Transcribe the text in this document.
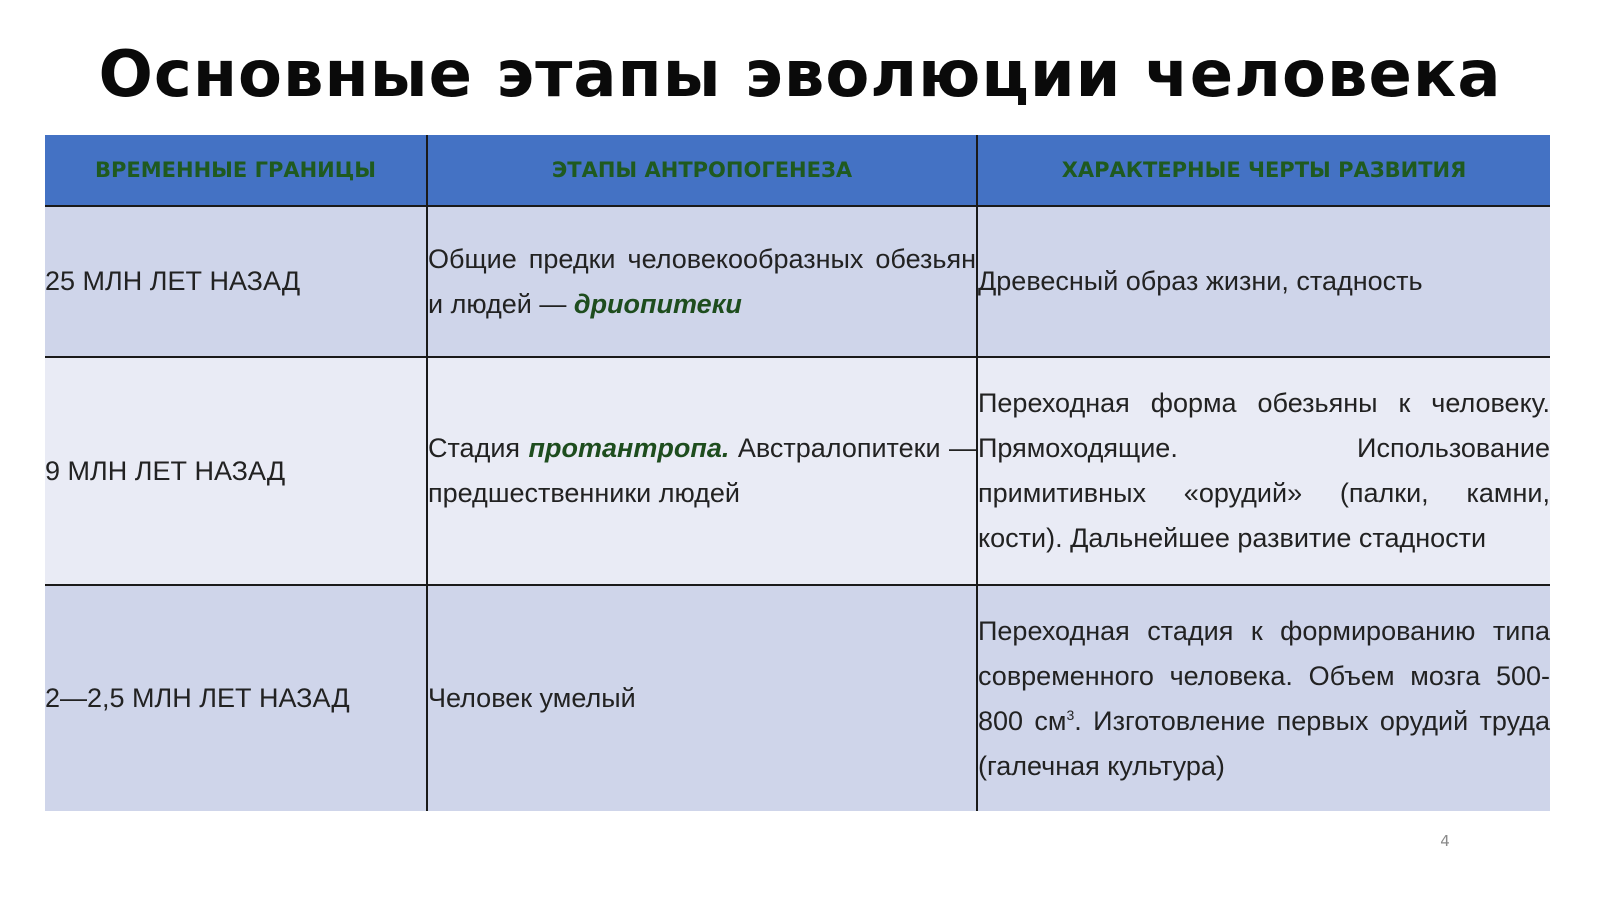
Основные этапы эволюции человека
ВРЕМЕННЫЕ ГРАНИЦЫ	ЭТАПЫ АНТРОПОГЕНЕЗА	ХАРАКТЕРНЫЕ ЧЕРТЫ РАЗВИТИЯ
25 МЛН ЛЕТ НАЗАД	Общие предки человекообразных обезьян и людей — дриопитеки	Древесный образ жизни, стадность
9 МЛН ЛЕТ НАЗАД	Стадия протантропа. Австралопитеки — предшественники людей	Переходная форма обезьяны к человеку. Прямоходящие. Использование примитивных «орудий» (палки, камни, кости). Дальнейшее развитие стадности
2—2,5 МЛН ЛЕТ НАЗАД	Человек умелый	Переходная стадия к формированию типа современного человека. Объем мозга 500-800 $см^3$. Изготовление первых орудий труда (галечная культура)
4
